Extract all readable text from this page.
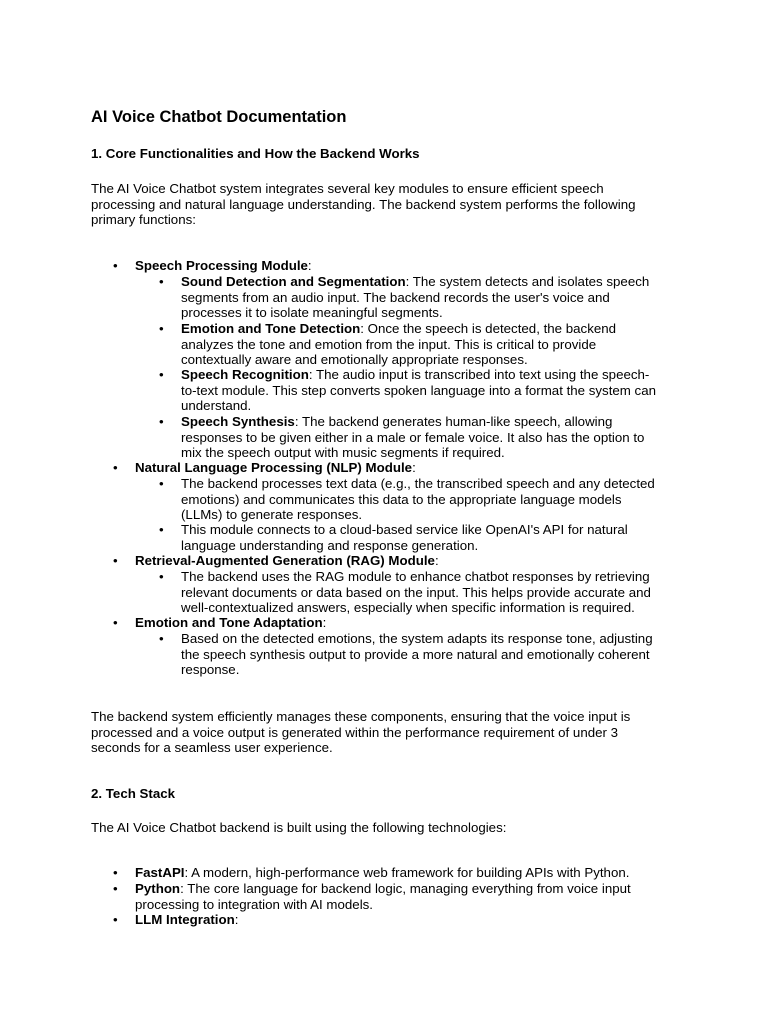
AI Voice Chatbot Documentation
1. Core Functionalities and How the Backend Works
The AI Voice Chatbot system integrates several key modules to ensure efficient speech
processing and natural language understanding. The backend system performs the following
primary functions:
• Speech Processing Module:
• Sound Detection and Segmentation: The system detects and isolates speech
segments from an audio input. The backend records the user's voice and
processes it to isolate meaningful segments.
• Emotion and Tone Detection: Once the speech is detected, the backend
analyzes the tone and emotion from the input. This is critical to provide
contextually aware and emotionally appropriate responses.
• Speech Recognition: The audio input is transcribed into text using the speech-
to-text module. This step converts spoken language into a format the system can
understand.
• Speech Synthesis: The backend generates human-like speech, allowing
responses to be given either in a male or female voice. It also has the option to
mix the speech output with music segments if required.
• Natural Language Processing (NLP) Module:
• The backend processes text data (e.g., the transcribed speech and any detected
emotions) and communicates this data to the appropriate language models
(LLMs) to generate responses.
• This module connects to a cloud-based service like OpenAI's API for natural
language understanding and response generation.
• Retrieval-Augmented Generation (RAG) Module:
• The backend uses the RAG module to enhance chatbot responses by retrieving
relevant documents or data based on the input. This helps provide accurate and
well-contextualized answers, especially when specific information is required.
• Emotion and Tone Adaptation:
• Based on the detected emotions, the system adapts its response tone, adjusting
the speech synthesis output to provide a more natural and emotionally coherent
response.
The backend system efficiently manages these components, ensuring that the voice input is
processed and a voice output is generated within the performance requirement of under 3
seconds for a seamless user experience.
2. Tech Stack
The AI Voice Chatbot backend is built using the following technologies:
• FastAPI: A modern, high-performance web framework for building APIs with Python.
• Python: The core language for backend logic, managing everything from voice input
processing to integration with AI models.
• LLM Integration:
